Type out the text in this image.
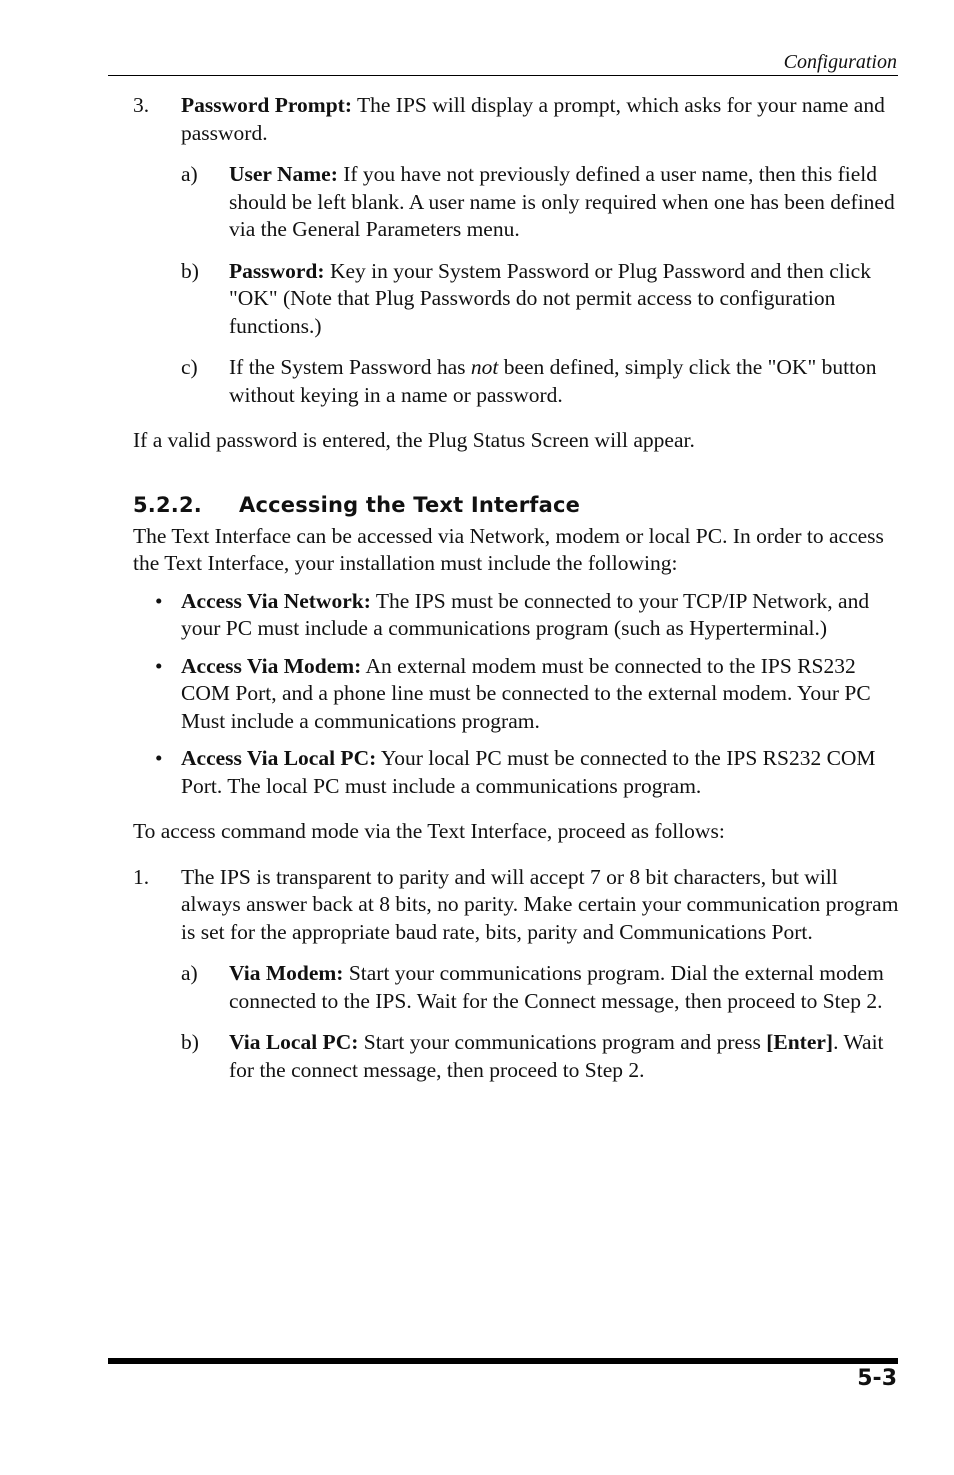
Configuration
3.	Password Prompt: The IPS will display a prompt, which asks for your name and password.

a)	User Name: If you have not previously defined a user name, then this field should be left blank. A user name is only required when one has been defined via the General Parameters menu.

b)	Password: Key in your System Password or Plug Password and then click "OK" (Note that Plug Passwords do not permit access to configuration functions.)

c)	If the System Password has not been defined, simply click the "OK" button without keying in a name or password.

If a valid password is entered, the Plug Status Screen will appear.

5.2.2.	Accessing the Text Interface

The Text Interface can be accessed via Network, modem or local PC. In order to access the Text Interface, your installation must include the following:

• Access Via Network: The IPS must be connected to your TCP/IP Network, and your PC must include a communications program (such as Hyperterminal.)

• Access Via Modem: An external modem must be connected to the IPS RS232 COM Port, and a phone line must be connected to the external modem. Your PC Must include a communications program.

• Access Via Local PC: Your local PC must be connected to the IPS RS232 COM Port. The local PC must include a communications program.

To access command mode via the Text Interface, proceed as follows:

1.	The IPS is transparent to parity and will accept 7 or 8 bit characters, but will always answer back at 8 bits, no parity. Make certain your communication program is set for the appropriate baud rate, bits, parity and Communications Port.

a)	Via Modem: Start your communications program. Dial the external modem connected to the IPS. Wait for the Connect message, then proceed to Step 2.

b)	Via Local PC: Start your communications program and press [Enter]. Wait for the connect message, then proceed to Step 2.

5-3
